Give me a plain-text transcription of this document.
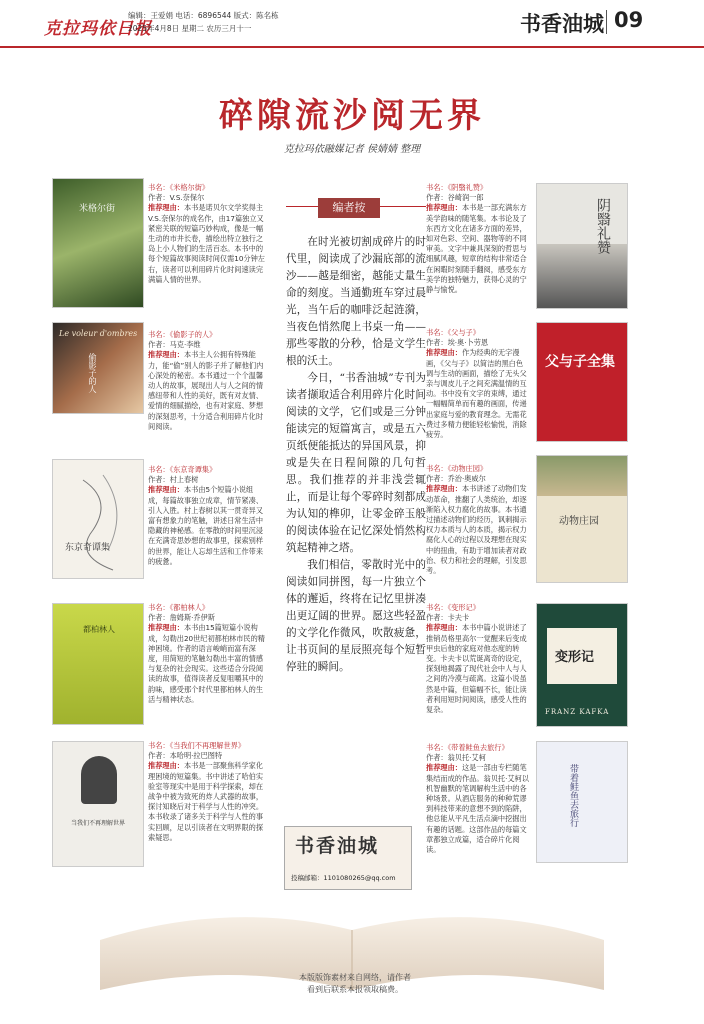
克拉玛依日报
编辑：王爱娟 电话：6896544 版式：陈名栋
2025年4月8日 星期二 农历三月十一	书香油城 09
碎隙流沙阅无界
克拉玛依融媒记者 侯婧婧 整理
米格尔街
书名：《米格尔街》
作者：V.S.奈保尔
推荐理由：本书是诺贝尔文学奖得主V.S.奈保尔的成名作，由17篇独立又紧密关联的短篇巧妙构成，像是一幅生动的市井长卷，描绘出特立独行之岛上小人物们的生活百态。本书中的每个短篇故事阅读时间仅需10分钟左右，读者可以利用碎片化时间速读完满篇人情的世界。
Le voleur d'ombres
偷影子的人
书名：《偷影子的人》
作者：马克·李维
推荐理由：本书主人公拥有特殊能力，能“偷”别人的影子并了解他们内心深处的秘密。本书通过一个个温馨动人的故事，展现出人与人之间的情感纽带和人性的美好，既有对友情、爱情的细腻描绘，也有对家庭、梦想的深刻思考，十分适合利用碎片化时间阅读。
东京奇谭集
书名：《东京奇谭集》
作者：村上春树
推荐理由：本书由5个短篇小说组成，每篇故事独立成章，情节紧凑、引人入胜。村上春树以其一贯奇异又富有想象力的笔触，讲述日常生活中隐藏的神秘感。在零散的时间里沉浸在充满奇思妙想的故事里，探索别样的世界，能让人忘却生活和工作带来的疲惫。
都柏林人
书名：《都柏林人》
作者：詹姆斯·乔伊斯
推荐理由：本书由15篇短篇小说构成，勾勒出20世纪初都柏林市民的精神困境。作者的语言峻峭而富有深度，用简短的笔触勾勒出丰富的情感与复杂的社会现实。这些适合分段阅读的故事，值得读者反复咀嚼其中的韵味，感受那个时代里都柏林人的生活与精神状态。
当我们不再理解世界
书名：《当我们不再理解世界》
作者：本哈明·拉巴图特
推荐理由：本书是一部聚焦科学家化理困境的短篇集。书中讲述了哈伯实验室等现实中是用于科学探索，却在战争中被为致死的炸人武器的故事，探讨知晓后对于科学与人性的冲突。本书收录了诸多关于科学与人性的事实回顾，足以引读者在文明界限的探索疑思。
编者按

在时光被切割成碎片的时代里，阅读成了沙漏底部的流沙——越是细密，越能丈量生命的刻度。当通勤班车穿过晨光，当午后的咖啡泛起涟漪，当夜色悄然爬上书桌一角——那些零散的分秒，恰是文学生根的沃土。

今日，“书香油城”专刊为读者撷取适合利用碎片化时间阅读的文学，它们或是三分钟能读完的短篇寓言，或是五六页纸便能抵达的异国风景，抑或是失在日程间隙的几句哲思。我们推荐的并非浅尝辄止，而是让每个零碎时刻都成为认知的榫卯，让零金碎玉般的阅读体验在记忆深处悄然构筑起精神之塔。

我们相信，零散时光中的阅读如同拼图，每一片独立个体的邂逅，终将在记忆里拼凑出更辽阔的世界。愿这些轻盈的文学化作微风，吹散疲惫，让书页间的星辰照亮每个短暂停驻的瞬间。

书香油城
投稿邮箱：1101080265@qq.com
书名：《阴翳礼赞》
作者：谷崎润一郎
推荐理由：本书是一部充满东方美学韵味的随笔集。本书论及了东西方文化在诸多方面的差异，如对色彩、空间、器物等的不同审美。文字中兼具深刻的哲思与细腻风趣，短章的结构非常适合在闲暇时刻随手翻阅，感受东方美学的独特魅力，获得心灵的宁静与愉悦。
阴翳礼赞
书名：《父与子》
作者：埃·奥·卜劳恩
推荐理由：作为经典的无字漫画，《父与子》以简洁的黑白色调与生动的画面，描绘了无头父亲与调皮儿子之间充满温情的互动。书中没有文字的束缚，通过一幅幅简单而有趣的画面，传递出家庭与爱的教育理念。无需花费过多精力便能轻松愉悦，消除疲劳。
父与子全集
书名：《动物庄园》
作者：乔治·奥威尔
推荐理由：本书讲述了动物们发动革命，推翻了人类统治，却逐渐陷入权力腐化的故事。本书通过描述动物们的经历，讽刺揭示权力本质与人的本质，揭示权力腐化人心的过程以及理想在现实中的扭曲，有助于增加读者对政治、权力和社会的理解，引发思考。
动物庄园
书名：《变形记》
作者：卡夫卡
推荐理由：本书中篇小说讲述了推销员格里高尔一觉醒来后变成甲虫后他的家庭对他态度的转变。卡夫卡以荒诞离奇的设定，探刻地揭露了现代社会中人与人之间的冷漠与疏离。这篇小说虽然是中篇，但篇幅不长，能让读者利用短时间阅读，感受人性的复杂。
变形记
FRANZ KAFKA
书名：《带着鲑鱼去旅行》
作者：翁贝托·艾柯
推荐理由：这是一部由专栏随笔集结而成的作品。翁贝托·艾柯以机智幽默的笔调解构生活中的各种场景。从酒店服务的种种荒谬到科技带来的意想不到的陷阱，他总能从平凡生活点滴中挖掘出有趣的话题。这部作品的每篇文章都独立成篇，适合碎片化阅读。
带着鲑鱼去旅行
本版版饰素材来自网络，请作者
看到后联系本报领取稿费。
